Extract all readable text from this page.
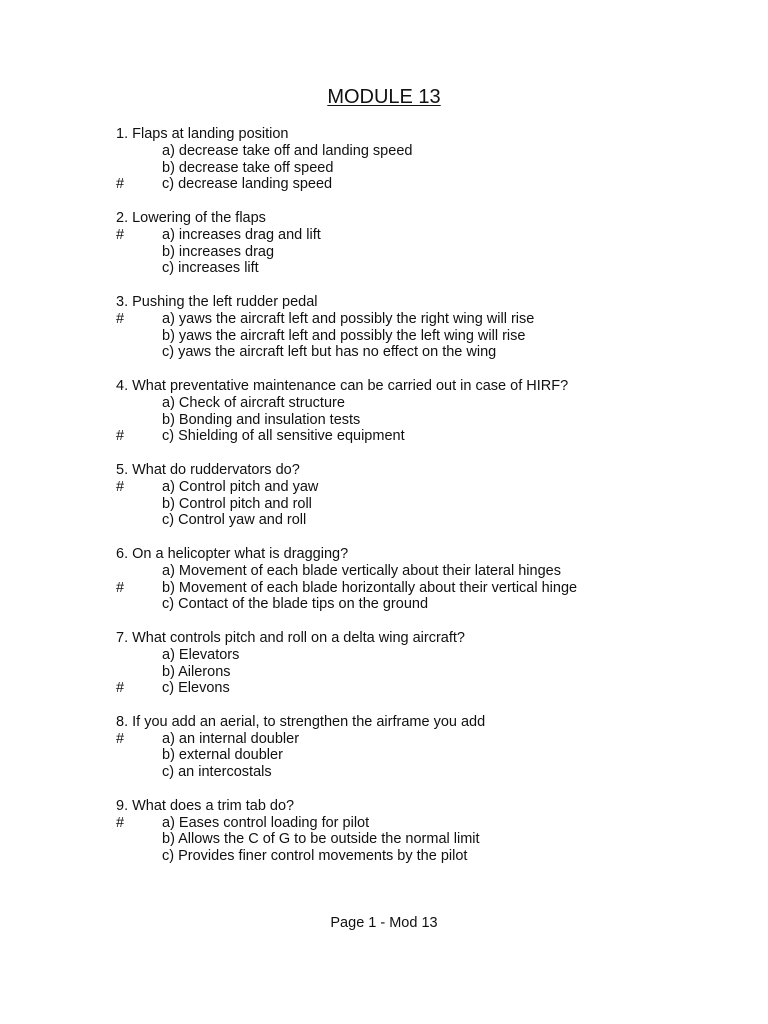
MODULE 13
1. Flaps at landing position
a) decrease take off and landing speed
b) decrease take off speed
#	c) decrease landing speed
2. Lowering of the flaps
#	a) increases drag and lift
b) increases drag
c) increases lift
3. Pushing the left rudder pedal
#	a) yaws the aircraft left and possibly the right wing will rise
b) yaws the aircraft left and possibly the left wing will rise
c) yaws the aircraft left but has no effect on the wing
4. What preventative maintenance can be carried out in case of HIRF?
a) Check of aircraft structure
b) Bonding and insulation tests
#	c) Shielding of all sensitive equipment
5. What do ruddervators do?
#	a) Control pitch and yaw
b) Control pitch and roll
c) Control yaw and roll
6. On a helicopter what is dragging?
a) Movement of each blade vertically about their lateral hinges
#	b) Movement of each blade horizontally about their vertical hinge
c) Contact of the blade tips on the ground
7. What controls pitch and roll on a delta wing aircraft?
a) Elevators
b) Ailerons
#	c) Elevons
8. If you add an aerial, to strengthen the airframe you add
#	a) an internal doubler
b) external doubler
c) an intercostals
9. What does a trim tab do?
#	a) Eases control loading for pilot
b) Allows the C of G to be outside the normal limit
c) Provides finer control movements by the pilot
Page 1 - Mod 13
